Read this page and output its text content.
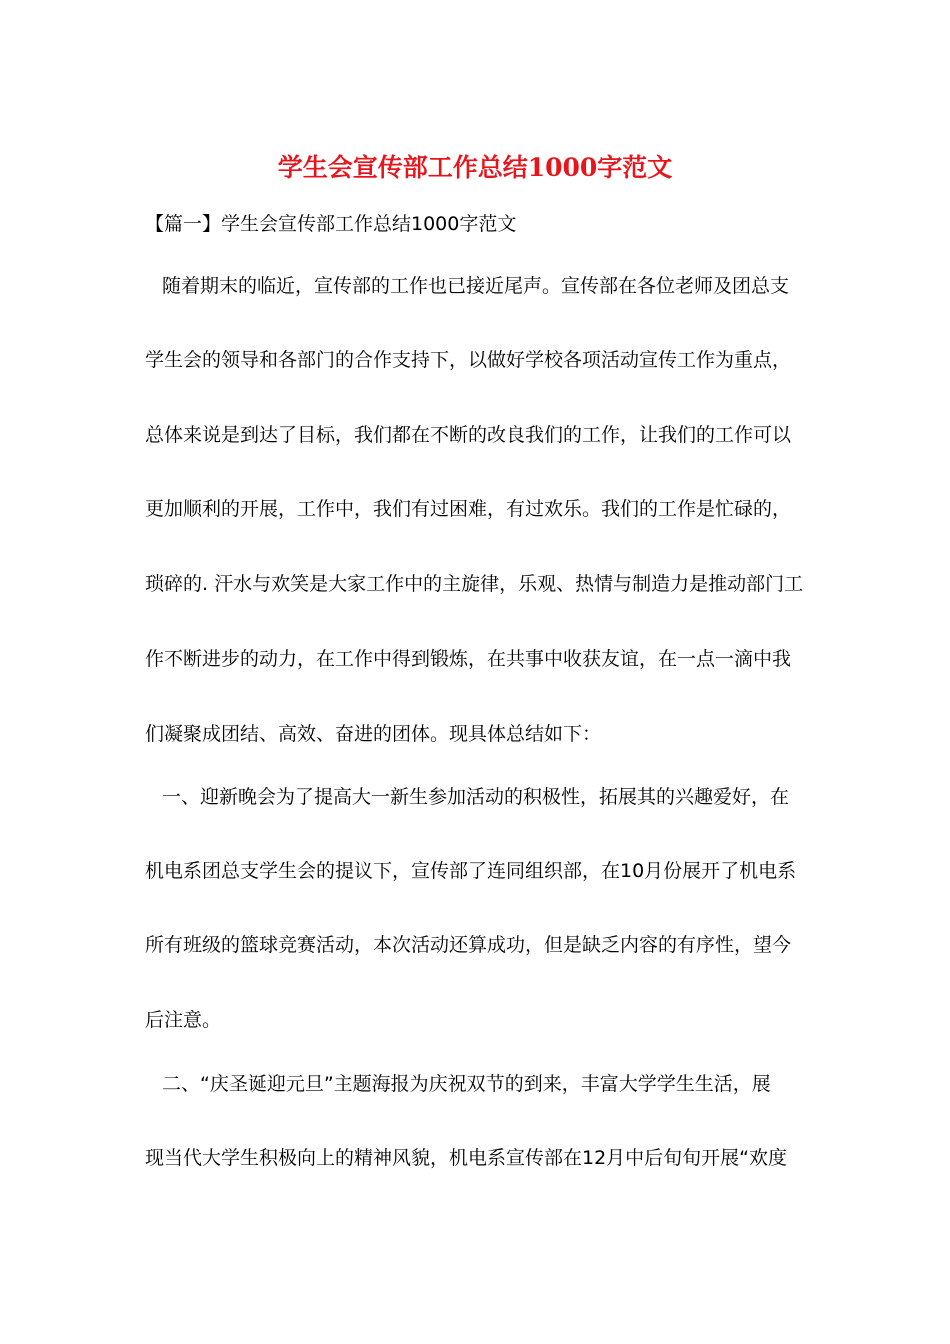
学生会宣传部工作总结1000字范文
【篇一】学生会宣传部工作总结1000字范文
随着期末的临近，宣传部的工作也已接近尾声。宣传部在各位老师及团总支
学生会的领导和各部门的合作支持下，以做好学校各项活动宣传工作为重点，
总体来说是到达了目标，我们都在不断的改良我们的工作，让我们的工作可以
更加顺利的开展，工作中，我们有过困难，有过欢乐。我们的工作是忙碌的，
琐碎的. 汗水与欢笑是大家工作中的主旋律，乐观、热情与制造力是推动部门工
作不断进步的动力，在工作中得到锻炼，在共事中收获友谊，在一点一滴中我
们凝聚成团结、高效、奋进的团体。现具体总结如下：
一、迎新晚会为了提高大一新生参加活动的积极性，拓展其的兴趣爱好，在
机电系团总支学生会的提议下，宣传部了连同组织部，在10月份展开了机电系
所有班级的篮球竞赛活动，本次活动还算成功，但是缺乏内容的有序性，望今
后注意。
二、“庆圣诞迎元旦”主题海报为庆祝双节的到来，丰富大学学生生活，展
现当代大学生积极向上的精神风貌，机电系宣传部在12月中后旬旬开展“欢度
